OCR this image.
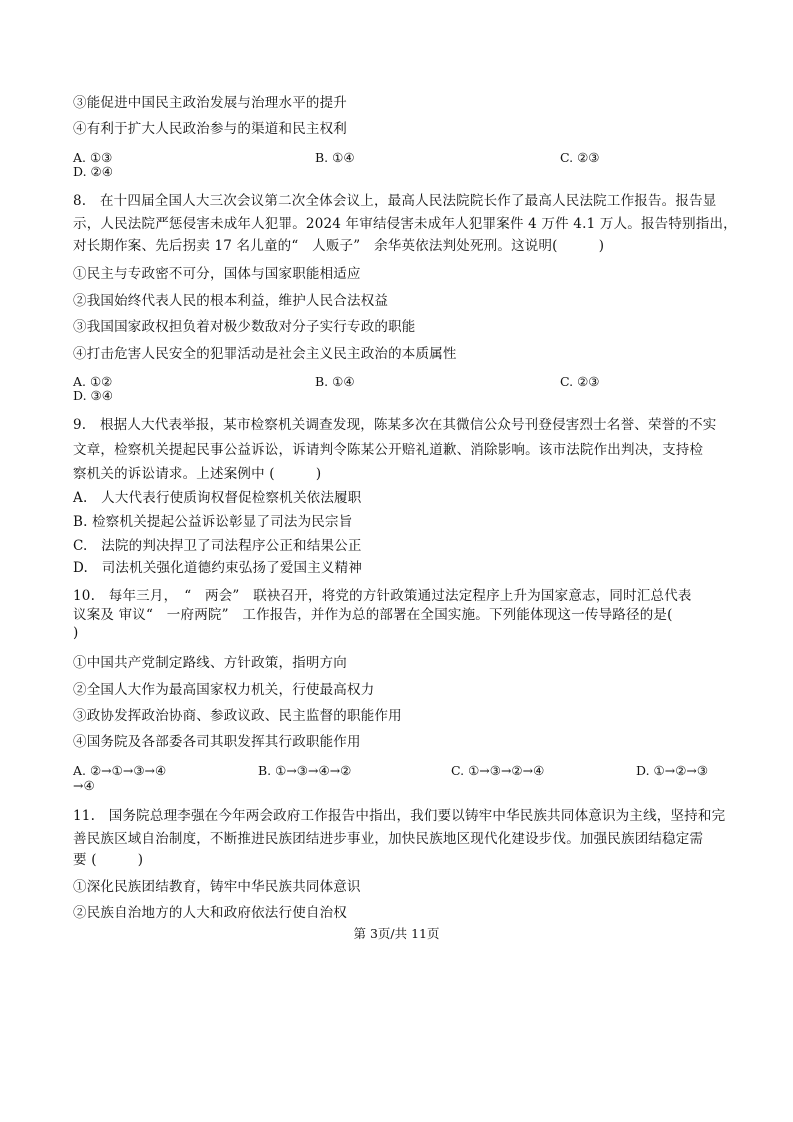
③能促进中国民主政治发展与治理水平的提升
④有利于扩大人民政治参与的渠道和民主权利
A. ①③	B. ①④	C. ②③
D. ②④
8.　在十四届全国人大三次会议第二次全体会议上，最高人民法院院长作了最高人民法院工作报告。报告显
示，人民法院严惩侵害未成年人犯罪。2024 年审结侵害未成年人犯罪案件 4 万件 4.1 万人。报告特别指出，
对长期作案、先后拐卖 17 名儿童的“　人贩子”　余华英依法判处死刑。这说明(　　　)
①民主与专政密不可分，国体与国家职能相适应
②我国始终代表人民的根本利益，维护人民合法权益
③我国国家政权担负着对极少数敌对分子实行专政的职能
④打击危害人民安全的犯罪活动是社会主义民主政治的本质属性
A. ①②	B. ①④	C. ②③
D. ③④
9.　根据人大代表举报，某市检察机关调查发现，陈某多次在其微信公众号刊登侵害烈士名誉、荣誉的不实
文章，检察机关提起民事公益诉讼，诉请判令陈某公开赔礼道歉、消除影响。该市法院作出判决，支持检
察机关的诉讼请求。上述案例中 (　　　)
A.　人大代表行使质询权督促检察机关依法履职
B. 检察机关提起公益诉讼彰显了司法为民宗旨
C.　法院的判决捍卫了司法程序公正和结果公正
D.　司法机关强化道德约束弘扬了爱国主义精神
10.　每年三月，　“　两会”　联袂召开，将党的方针政策通过法定程序上升为国家意志，同时汇总代表
议案及 审议“　一府两院”　工作报告，并作为总的部署在全国实施。下列能体现这一传导路径的是(
)
①中国共产党制定路线、方针政策，指明方向
②全国人大作为最高国家权力机关，行使最高权力
③政协发挥政治协商、参政议政、民主监督的职能作用
④国务院及各部委各司其职发挥其行政职能作用
A. ②→①→③→④	B. ①→③→④→②	C. ①→③→②→④	D. ①→②→③
→④
11.　国务院总理李强在今年两会政府工作报告中指出，我们要以铸牢中华民族共同体意识为主线，坚持和完
善民族区域自治制度，不断推进民族团结进步事业，加快民族地区现代化建设步伐。加强民族团结稳定需
要 (　　　)
①深化民族团结教育，铸牢中华民族共同体意识
②民族自治地方的人大和政府依法行使自治权
第 3页/共 11页
